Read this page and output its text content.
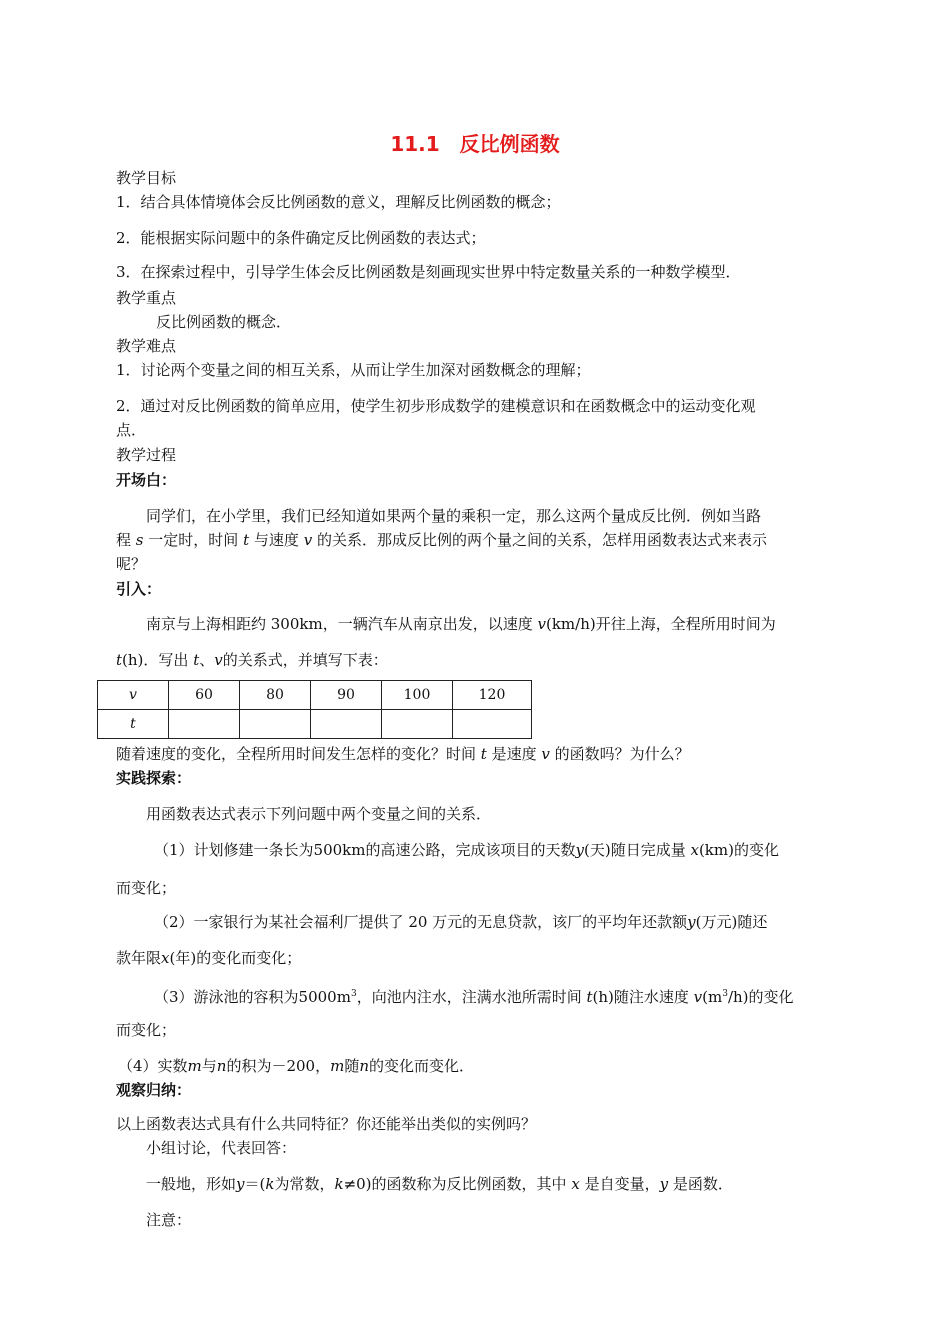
11.1　反比例函数
教学目标
1．结合具体情境体会反比例函数的意义，理解反比例函数的概念；
2．能根据实际问题中的条件确定反比例函数的表达式；
3．在探索过程中，引导学生体会反比例函数是刻画现实世界中特定数量关系的一种数学模型．
教学重点
反比例函数的概念．
教学难点
1．讨论两个变量之间的相互关系，从而让学生加深对函数概念的理解；
2．通过对反比例函数的简单应用，使学生初步形成数学的建模意识和在函数概念中的运动变化观
点．
教学过程
开场白：
同学们，在小学里，我们已经知道如果两个量的乘积一定，那么这两个量成反比例．例如当路
程 s 一定时，时间 t 与速度 v 的关系．那成反比例的两个量之间的关系，怎样用函数表达式来表示
呢？
引入：
南京与上海相距约 300km，一辆汽车从南京出发，以速度 v(km/h)开往上海，全程所用时间为
t(h)．写出 t、v的关系式，并填写下表：
v	60	80	90	100	120
t					
随着速度的变化，全程所用时间发生怎样的变化？时间 t 是速度 v 的函数吗？为什么？
实践探索：
用函数表达式表示下列问题中两个变量之间的关系．
（1）计划修建一条长为500km的高速公路，完成该项目的天数y(天)随日完成量 x(km)的变化
而变化；
（2）一家银行为某社会福利厂提供了 20 万元的无息贷款，该厂的平均年还款额y(万元)随还
款年限x(年)的变化而变化；
（3）游泳池的容积为$5000m^3$，向池内注水，注满水池所需时间 t(h)随注水速度 $v(m^3/h)$的变化
而变化；
（4）实数m与n的积为－200，m随n的变化而变化．
观察归纳：
以上函数表达式具有什么共同特征？你还能举出类似的实例吗？
小组讨论，代表回答：
一般地，形如y＝(k为常数，k≠0)的函数称为反比例函数，其中 x 是自变量，y 是函数．
注意：
